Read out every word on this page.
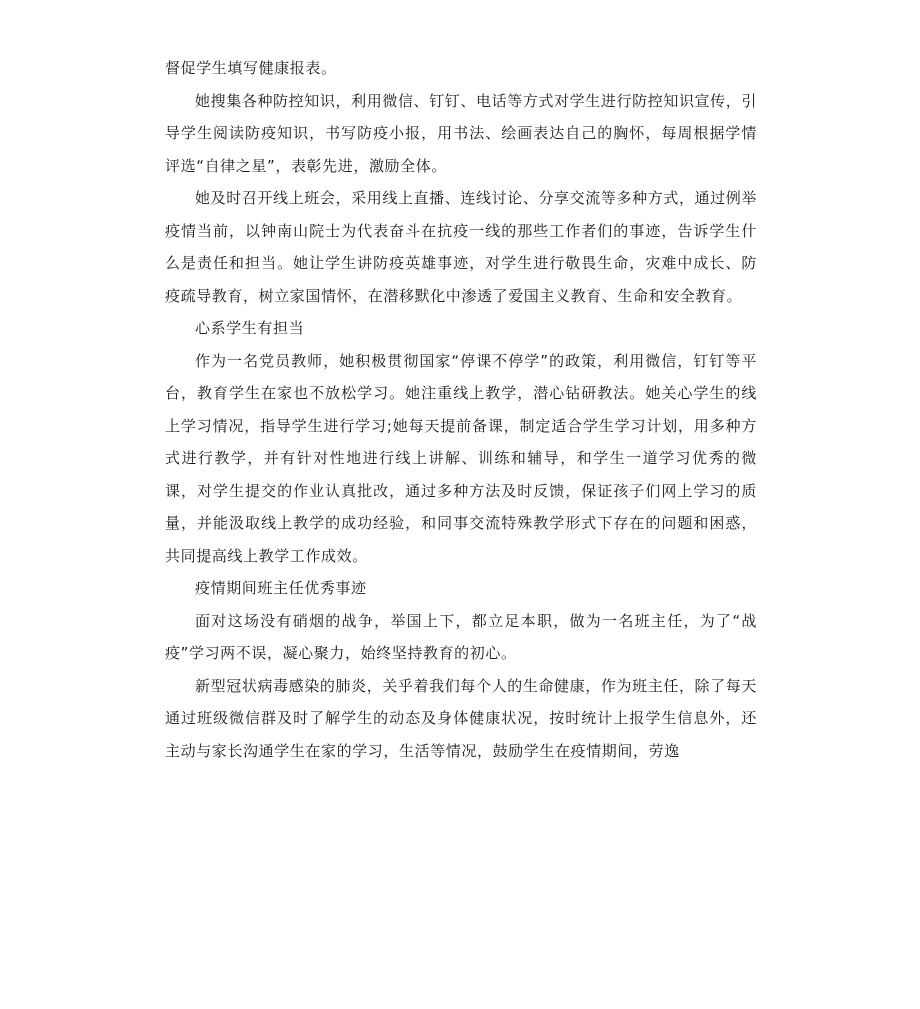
督促学生填写健康报表。

她搜集各种防控知识，利用微信、钉钉、电话等方式对学生进行防控知识宣传，引导学生阅读防疫知识，书写防疫小报，用书法、绘画表达自己的胸怀，每周根据学情评选“自律之星”，表彰先进，激励全体。

她及时召开线上班会，采用线上直播、连线讨论、分享交流等多种方式，通过例举疫情当前，以钟南山院士为代表奋斗在抗疫一线的那些工作者们的事迹，告诉学生什么是责任和担当。她让学生讲防疫英雄事迹，对学生进行敬畏生命，灾难中成长、防疫疏导教育，树立家国情怀，在潜移默化中渗透了爱国主义教育、生命和安全教育。

心系学生有担当

作为一名党员教师，她积极贯彻国家“停课不停学”的政策，利用微信，钉钉等平台，教育学生在家也不放松学习。她注重线上教学，潜心钻研教法。她关心学生的线上学习情况，指导学生进行学习;她每天提前备课，制定适合学生学习计划，用多种方式进行教学，并有针对性地进行线上讲解、训练和辅导，和学生一道学习优秀的微课，对学生提交的作业认真批改，通过多种方法及时反馈，保证孩子们网上学习的质量，并能汲取线上教学的成功经验，和同事交流特殊教学形式下存在的问题和困惑，共同提高线上教学工作成效。

疫情期间班主任优秀事迹

面对这场没有硝烟的战争，举国上下，都立足本职，做为一名班主任，为了“战疫”学习两不误，凝心聚力，始终坚持教育的初心。

新型冠状病毒感染的肺炎，关乎着我们每个人的生命健康，作为班主任，除了每天通过班级微信群及时了解学生的动态及身体健康状况，按时统计上报学生信息外，还主动与家长沟通学生在家的学习，生活等情况，鼓励学生在疫情期间，劳逸
